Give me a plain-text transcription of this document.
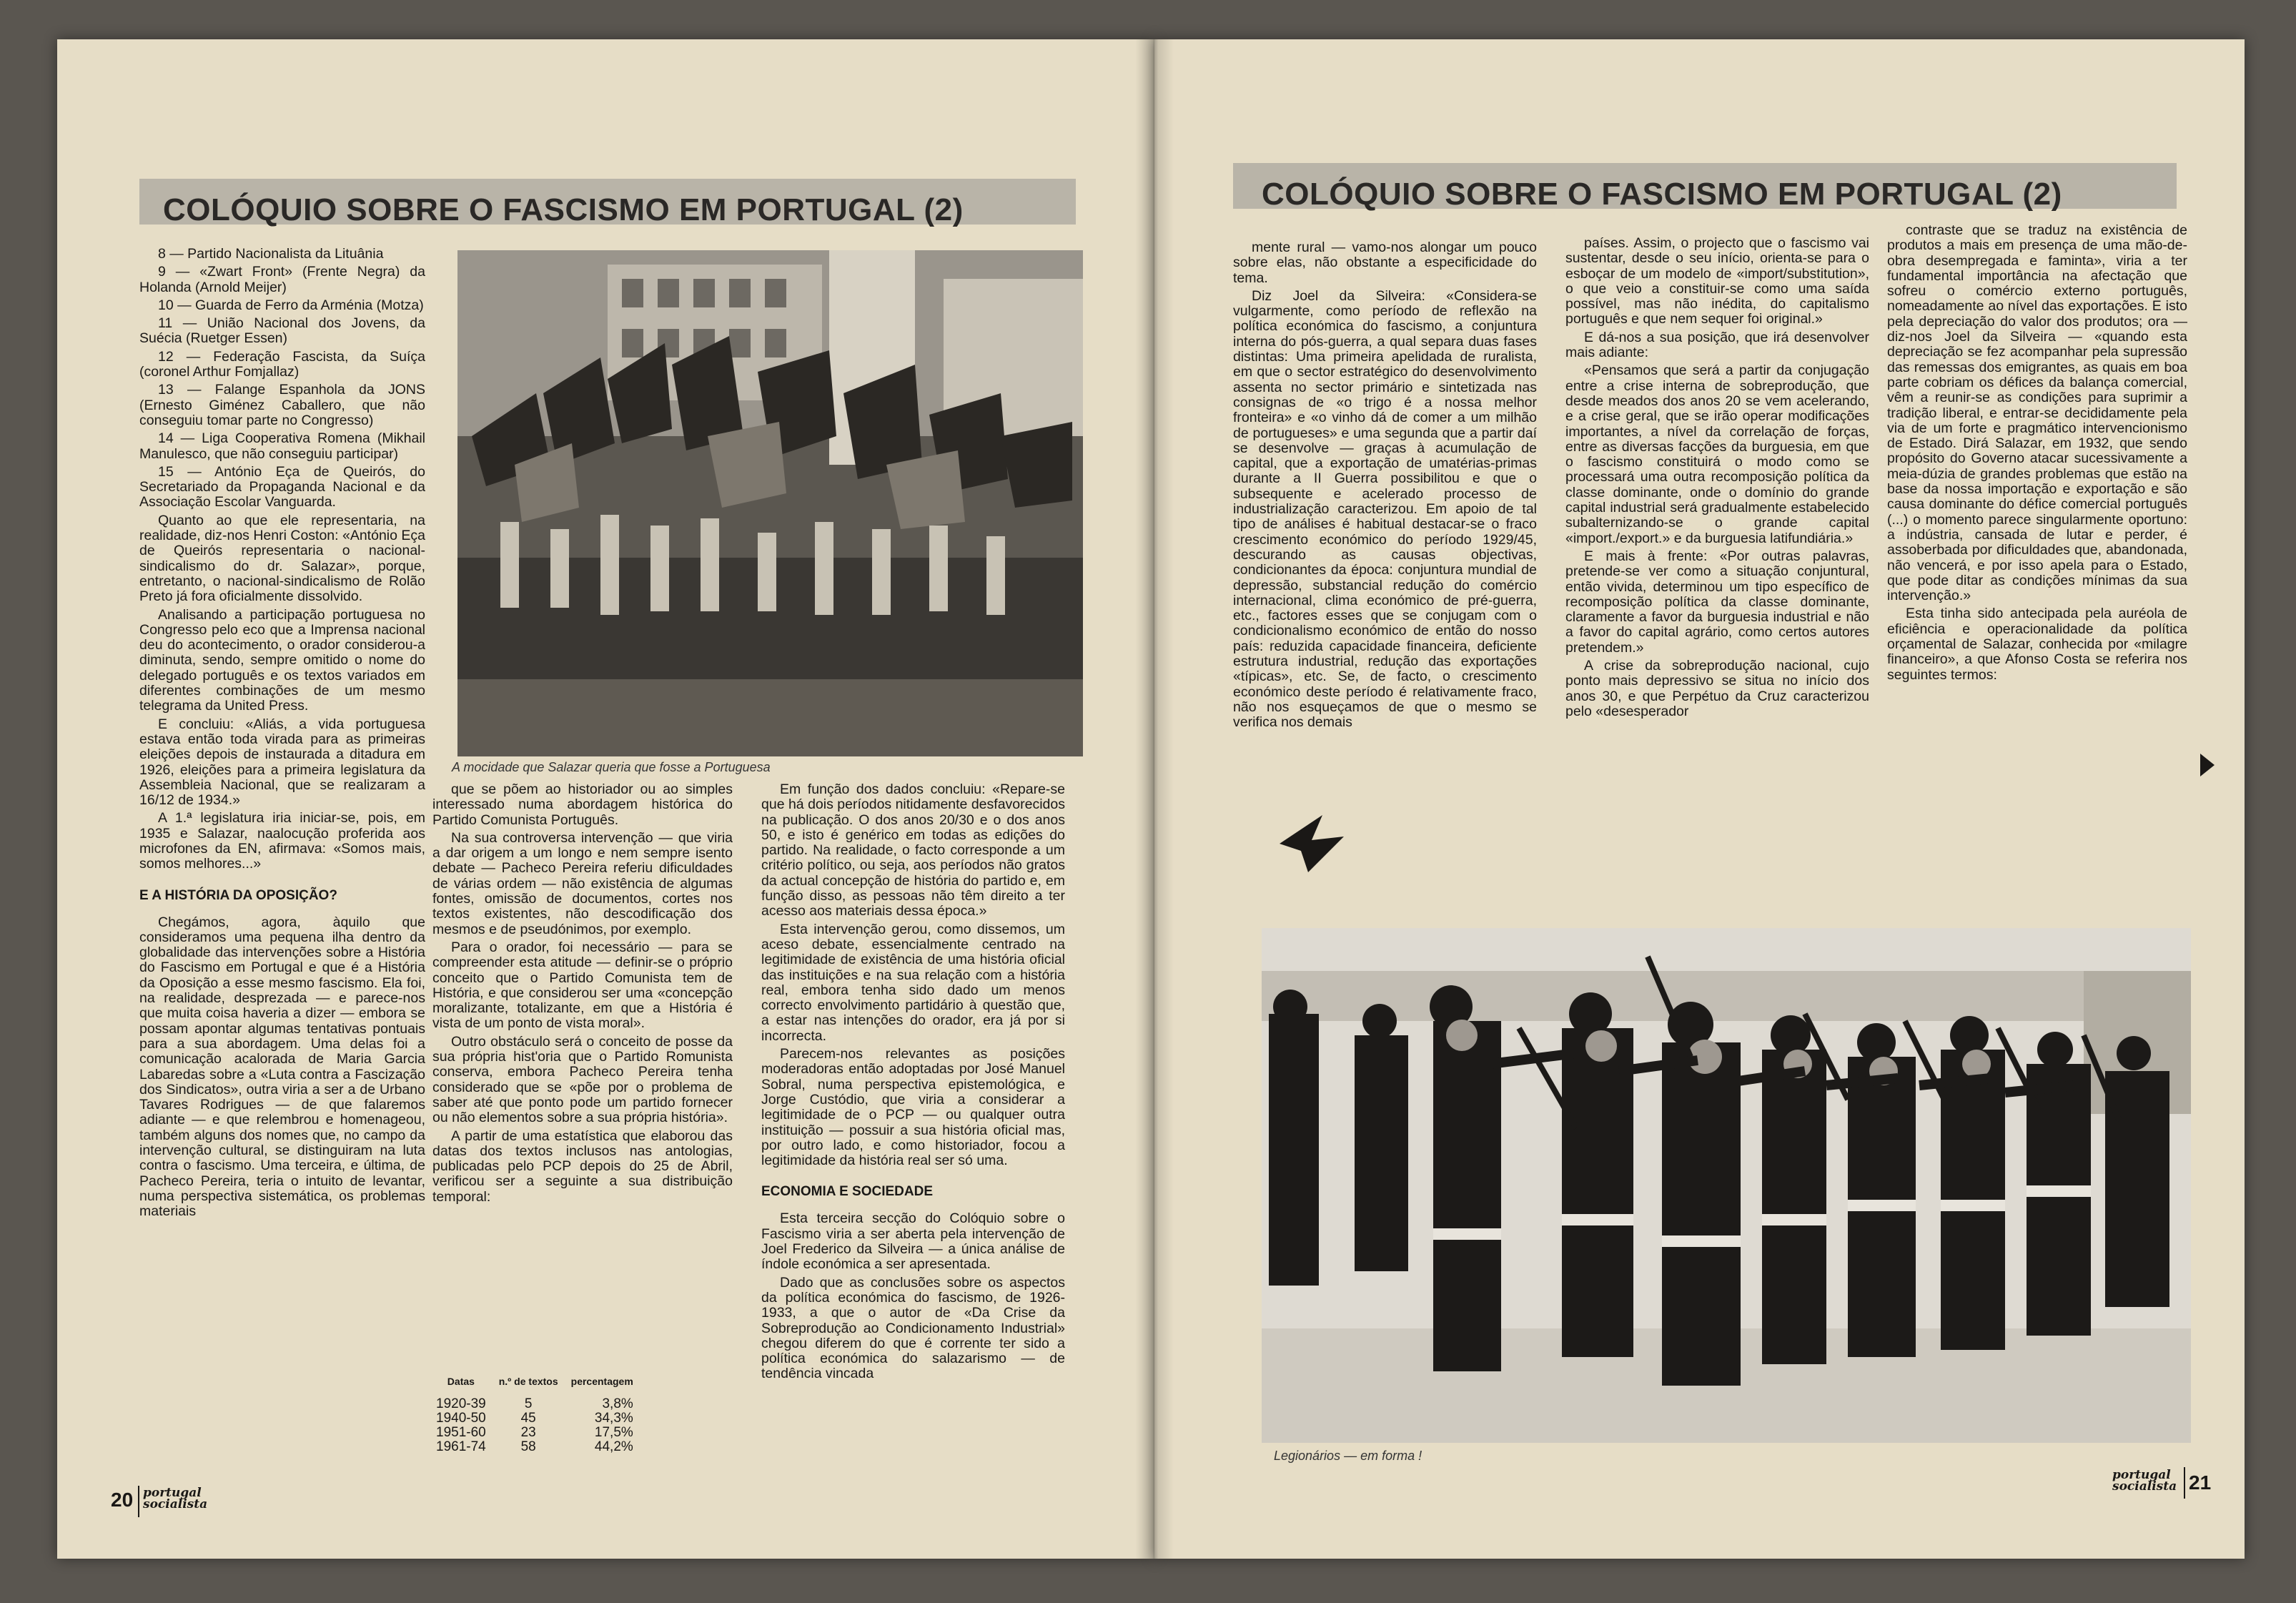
COLÓQUIO SOBRE O FASCISMO EM PORTUGAL (2)

8 — Partido Nacionalista da Lituânia

9 — «Zwart Front» (Frente Negra) da Holanda (Arnold Meijer)

10 — Guarda de Ferro da Arménia (Motza)

11 — União Nacional dos Jovens, da Suécia (Ruetger Essen)

12 — Federação Fascista, da Suíça (coronel Arthur Fomjallaz)

13 — Falange Espanhola da JONS (Ernesto Giménez Caballero, que não conseguiu tomar parte no Congresso)

14 — Liga Cooperativa Romena (Mikhail Manulesco, que não conseguiu participar)

15 — António Eça de Queirós, do Secretariado da Propaganda Nacional e da Associação Escolar Vanguarda.

Quanto ao que ele representaria, na realidade, diz-nos Henri Coston: «António Eça de Queirós representaria o nacional-sindicalismo do dr. Salazar», porque, entretanto, o nacional-sindicalismo de Rolão Preto já fora oficialmente dissolvido.

Analisando a participação portuguesa no Congresso pelo eco que a Imprensa nacional deu do acontecimento, o orador considerou-a diminuta, sendo, sempre omitido o nome do delegado português e os textos variados em diferentes combinações de um mesmo telegrama da United Press.

E concluiu: «Aliás, a vida portuguesa estava então toda virada para as primeiras eleições depois de instaurada a ditadura em 1926, eleições para a primeira legislatura da Assembleia Nacional, que se realizaram a 16/12 de 1934.»

A 1.ª legislatura iria iniciar-se, pois, em 1935 e Salazar, naalocução proferida aos microfones da EN, afirmava: «Somos mais, somos melhores...»

E A HISTÓRIA DA OPOSIÇÃO?

Chegámos, agora, àquilo que consideramos uma pequena ilha dentro da globalidade das intervenções sobre a História do Fascismo em Portugal e que é a História da Oposição a esse mesmo fascismo. Ela foi, na realidade, desprezada — e parece-nos que muita coisa haveria a dizer — embora se possam apontar algumas tentativas pontuais para a sua abordagem. Uma delas foi a comunicação acalorada de Maria Garcia Labaredas sobre a «Luta contra a Fascização dos Sindicatos», outra viria a ser a de Urbano Tavares Rodrigues — de que falaremos adiante — e que relembrou e homenageou, também alguns dos nomes que, no campo da intervenção cultural, se distinguiram na luta contra o fascismo. Uma terceira, e última, de Pacheco Pereira, teria o intuito de levantar, numa perspectiva sistemática, os problemas materiais

A mocidade que Salazar queria que fosse a Portuguesa

que se põem ao historiador ou ao simples interessado numa abordagem histórica do Partido Comunista Português.

Na sua controversa intervenção — que viria a dar origem a um longo e nem sempre isento debate — Pacheco Pereira referiu dificuldades de várias ordem — não existência de algumas fontes, omissão de documentos, cortes nos textos existentes, não descodificação dos mesmos e de pseudónimos, por exemplo.

Para o orador, foi necessário — para se compreender esta atitude — definir-se o próprio conceito que o Partido Comunista tem de História, e que considerou ser uma «concepção moralizante, totalizante, em que a História é vista de um ponto de vista moral».

Outro obstáculo será o conceito de posse da sua própria hist'oria que o Partido Romunista conserva, embora Pacheco Pereira tenha considerado que se «põe por o problema de saber até que ponto pode um partido fornecer ou não elementos sobre a sua própria história».

A partir de uma estatística que elaborou das datas dos textos inclusos nas antologias, publicadas pelo PCP depois do 25 de Abril, verificou ser a seguinte a sua distribuição temporal:

Datas	n.º de textos	percentagem
1920-39	5	3,8%
1940-50	45	34,3%
1951-60	23	17,5%
1961-74	58	44,2%

Em função dos dados concluiu: «Repare-se que há dois períodos nitidamente desfavorecidos na publicação. O dos anos 20/30 e o dos anos 50, e isto é genérico em todas as edições do partido. Na realidade, o facto corresponde a um critério político, ou seja, aos períodos não gratos da actual concepção de história do partido e, em função disso, as pessoas não têm direito a ter acesso aos materiais dessa época.»

Esta intervenção gerou, como dissemos, um aceso debate, essencialmente centrado na legitimidade de existência de uma história oficial das instituições e na sua relação com a história real, embora tenha sido dado um menos correcto envolvimento partidário à questão que, a estar nas intenções do orador, era já por si incorrecta.

Parecem-nos relevantes as posições moderadoras então adoptadas por José Manuel Sobral, numa perspectiva epistemológica, e Jorge Custódio, que viria a considerar a legitimidade de o PCP — ou qualquer outra instituição — possuir a sua história oficial mas, por outro lado, e como historiador, focou a legitimidade da história real ser só uma.

ECONOMIA E SOCIEDADE

Esta terceira secção do Colóquio sobre o Fascismo viria a ser aberta pela intervenção de Joel Frederico da Silveira — a única análise de índole económica a ser apresentada.

Dado que as conclusões sobre os aspectos da política económica do fascismo, de 1926-1933, a que o autor de «Da Crise da Sobreprodução ao Condicionamento Industrial» chegou diferem do que é corrente ter sido a política económica do salazarismo — de tendência vincada

20 portugal
socialista
COLÓQUIO SOBRE O FASCISMO EM PORTUGAL (2)

mente rural — vamo-nos alongar um pouco sobre elas, não obstante a especificidade do tema.

Diz Joel da Silveira: «Considera-se vulgarmente, como período de reflexão na política económica do fascismo, a conjuntura interna do pós-guerra, a qual separa duas fases distintas: Uma primeira apelidada de ruralista, em que o sector estratégico do desenvolvimento assenta no sector primário e sintetizada nas consignas de «o trigo é a nossa melhor fronteira» e «o vinho dá de comer a um milhão de portugueses» e uma segunda que a partir daí se desenvolve — graças à acumulação de capital, que a exportação de umatérias-primas durante a II Guerra possibilitou e que o subsequente e acelerado processo de industrialização caracterizou. Em apoio de tal tipo de análises é habitual destacar-se o fraco crescimento económico do período 1929/45, descurando as causas objectivas, condicionantes da época: conjuntura mundial de depressão, substancial redução do comércio internacional, clima económico de pré-guerra, etc., factores esses que se conjugam com o condicionalismo económico de então do nosso país: reduzida capacidade financeira, deficiente estrutura industrial, redução das exportações «típicas», etc. Se, de facto, o crescimento económico deste período é relativamente fraco, não nos esqueçamos de que o mesmo se verifica nos demais

países. Assim, o projecto que o fascismo vai sustentar, desde o seu início, orienta-se para o esboçar de um modelo de «import/substitution», o que veio a constituir-se como uma saída possível, mas não inédita, do capitalismo português e que nem sequer foi original.»

E dá-nos a sua posição, que irá desenvolver mais adiante:

«Pensamos que será a partir da conjugação entre a crise interna de sobreprodução, que desde meados dos anos 20 se vem acelerando, e a crise geral, que se irão operar modificações importantes, a nível da correlação de forças, entre as diversas facções da burguesia, em que o fascismo constituirá o modo como se processará uma outra recomposição política da classe dominante, onde o domínio do grande capital industrial será gradualmente estabelecido subalternizando-se o grande capital «import./export.» e da burguesia latifundiária.»

E mais à frente: «Por outras palavras, pretende-se ver como a situação conjuntural, então vivida, determinou um tipo específico de recomposição política da classe dominante, claramente a favor da burguesia industrial e não a favor do capital agrário, como certos autores pretendem.»

A crise da sobreprodução nacional, cujo ponto mais depressivo se situa no início dos anos 30, e que Perpétuo da Cruz caracterizou pelo «desesperador

contraste que se traduz na existência de produtos a mais em presença de uma mão-de-obra desempregada e faminta», viria a ter fundamental importância na afectação que sofreu o comércio externo português, nomeadamente ao nível das exportações. E isto pela depreciação do valor dos produtos; ora — diz-nos Joel da Silveira — «quando esta depreciação se fez acompanhar pela supressão das remessas dos emigrantes, as quais em boa parte cobriam os défices da balança comercial, vêm a reunir-se as condições para suprimir a tradição liberal, e entrar-se decididamente pela via de um forte e pragmático intervencionismo de Estado. Dirá Salazar, em 1932, que sendo propósito do Governo atacar sucessivamente a meia-dúzia de grandes problemas que estão na base da nossa importação e exportação e são causa dominante do défice comercial português (...) o momento parece singularmente oportuno: a indústria, cansada de lutar e perder, é assoberbada por dificuldades que, abandonada, não vencerá, e por isso apela para o Estado, que pode ditar as condições mínimas da sua intervenção.»

Esta tinha sido antecipada pela auréola de eficiência e operacionalidade da política orçamental de Salazar, conhecida por «milagre financeiro», a que Afonso Costa se referira nos seguintes termos:

Legionários — em forma !
portugal
socialista 21
